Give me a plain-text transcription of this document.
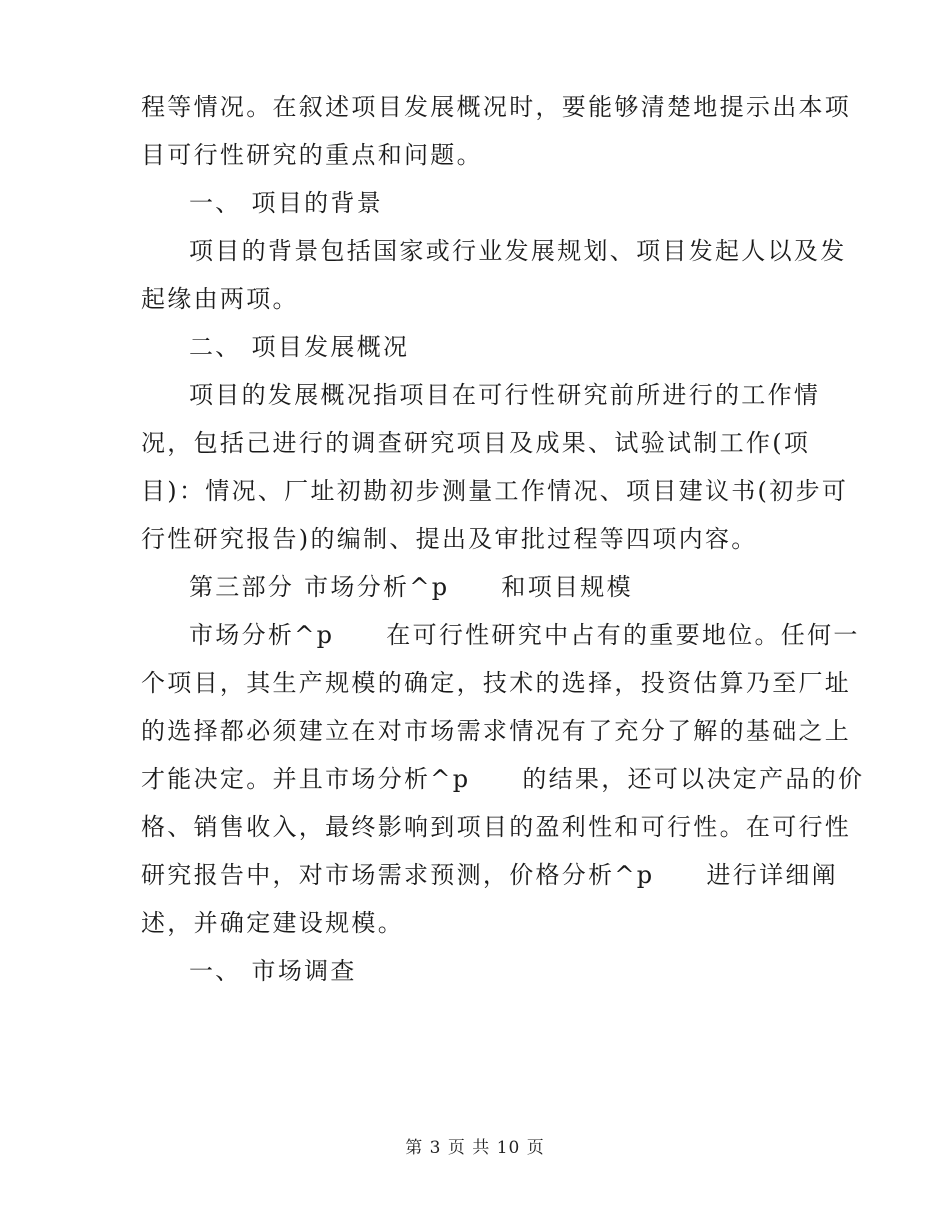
程等情况。在叙述项目发展概况时，要能够清楚地提示出本项
目可行性研究的重点和问题。
一、 项目的背景
项目的背景包括国家或行业发展规划、项目发起人以及发
起缘由两项。
二、 项目发展概况
项目的发展概况指项目在可行性研究前所进行的工作情
况，包括己进行的调查研究项目及成果、试验试制工作(项
目)：情况、厂址初勘初步测量工作情况、项目建议书(初步可
行性研究报告)的编制、提出及审批过程等四项内容。
第三部分 市场分析^p 和项目规模
市场分析^p 在可行性研究中占有的重要地位。任何一
个项目，其生产规模的确定，技术的选择，投资估算乃至厂址
的选择都必须建立在对市场需求情况有了充分了解的基础之上
才能决定。并且市场分析^p 的结果，还可以决定产品的价
格、销售收入，最终影响到项目的盈利性和可行性。在可行性
研究报告中，对市场需求预测，价格分析^p 进行详细阐
述，并确定建设规模。
一、 市场调查
第 3 页 共 10 页
